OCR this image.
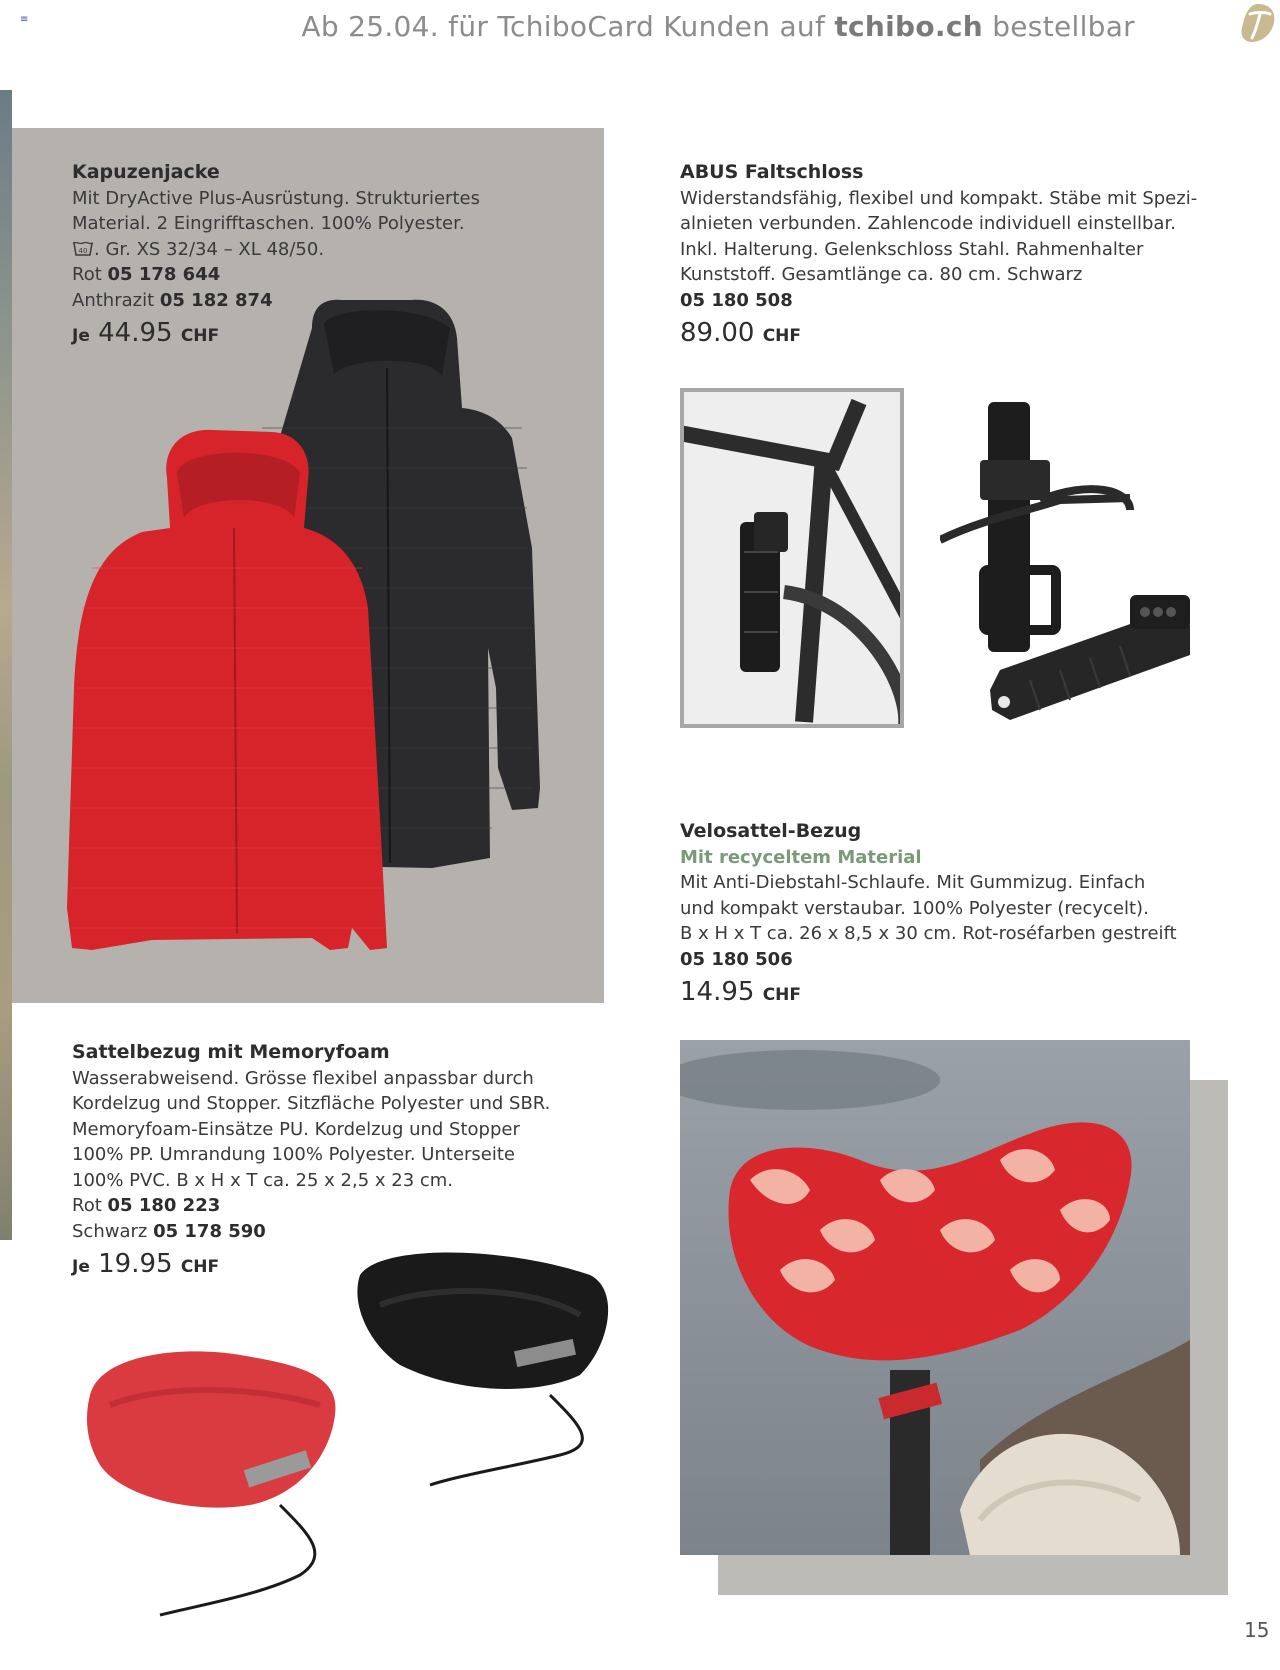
≡	Ab 25.04. für TchiboCard Kunden auf tchibo.ch bestellbar
Kapuzenjacke
Mit DryActive Plus-Ausrüstung. Strukturiertes
Material. 2 Eingrifftaschen. 100% Polyester.
40 . Gr. XS 32/34 – XL 48/50.
Rot 05 178 644
Anthrazit 05 182 874
Je 44.95 CHF
ABUS Faltschloss
Widerstandsfähig, flexibel und kompakt. Stäbe mit Spezi-
alnieten verbunden. Zahlencode individuell einstellbar.
Inkl. Halterung. Gelenkschloss Stahl. Rahmenhalter
Kunststoff. Gesamtlänge ca. 80 cm. Schwarz
05 180 508
89.00 CHF
Velosattel-Bezug
Mit recyceltem Material
Mit Anti-Diebstahl-Schlaufe. Mit Gummizug. Einfach
und kompakt verstaubar. 100% Polyester (recycelt).
B x H x T ca. 26 x 8,5 x 30 cm. Rot-roséfarben gestreift
05 180 506
14.95 CHF
Sattelbezug mit Memoryfoam
Wasserabweisend. Grösse flexibel anpassbar durch
Kordelzug und Stopper. Sitzfläche Polyester und SBR.
Memoryfoam-Einsätze PU. Kordelzug und Stopper
100% PP. Umrandung 100% Polyester. Unterseite
100% PVC. B x H x T ca. 25 x 2,5 x 23 cm.
Rot 05 180 223
Schwarz 05 178 590
Je 19.95 CHF
15
